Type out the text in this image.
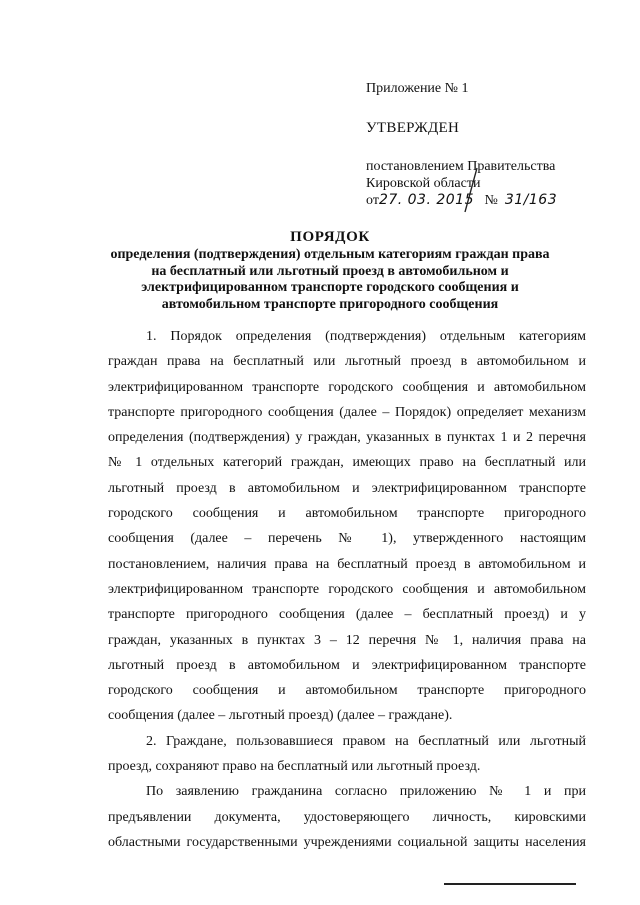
Приложение № 1

УТВЕРЖДЕН

постановлением Правительства

Кировской области

от27. 03. 2015 № 31/163

ПОРЯДОК
определения (подтверждения) отдельным категориям граждан права
на бесплатный или льготный проезд в автомобильном и
электрифицированном транспорте городского сообщения и
автомобильном транспорте пригородного сообщения
1. Порядок определения (подтверждения) отдельным категориям
граждан права на бесплатный или льготный проезд в автомобильном и
электрифицированном транспорте городского сообщения и автомобильном
транспорте пригородного сообщения (далее – Порядок) определяет механизм
определения (подтверждения) у граждан, указанных в пунктах 1 и 2 перечня
№ 1 отдельных категорий граждан, имеющих право на бесплатный или
льготный проезд в автомобильном и электрифицированном транспорте
городского сообщения и автомобильном транспорте пригородного
сообщения (далее – перечень № 1), утвержденного настоящим
постановлением, наличия права на бесплатный проезд в автомобильном и
электрифицированном транспорте городского сообщения и автомобильном
транспорте пригородного сообщения (далее – бесплатный проезд) и у
граждан, указанных в пунктах 3 – 12 перечня № 1, наличия права на
льготный проезд в автомобильном и электрифицированном транспорте
городского сообщения и автомобильном транспорте пригородного
сообщения (далее – льготный проезд) (далее – граждане).
2. Граждане, пользовавшиеся правом на бесплатный или льготный
проезд, сохраняют право на бесплатный или льготный проезд.
По заявлению гражданина согласно приложению № 1 и при
предъявлении документа, удостоверяющего личность, кировскими
областными государственными учреждениями социальной защиты населения
